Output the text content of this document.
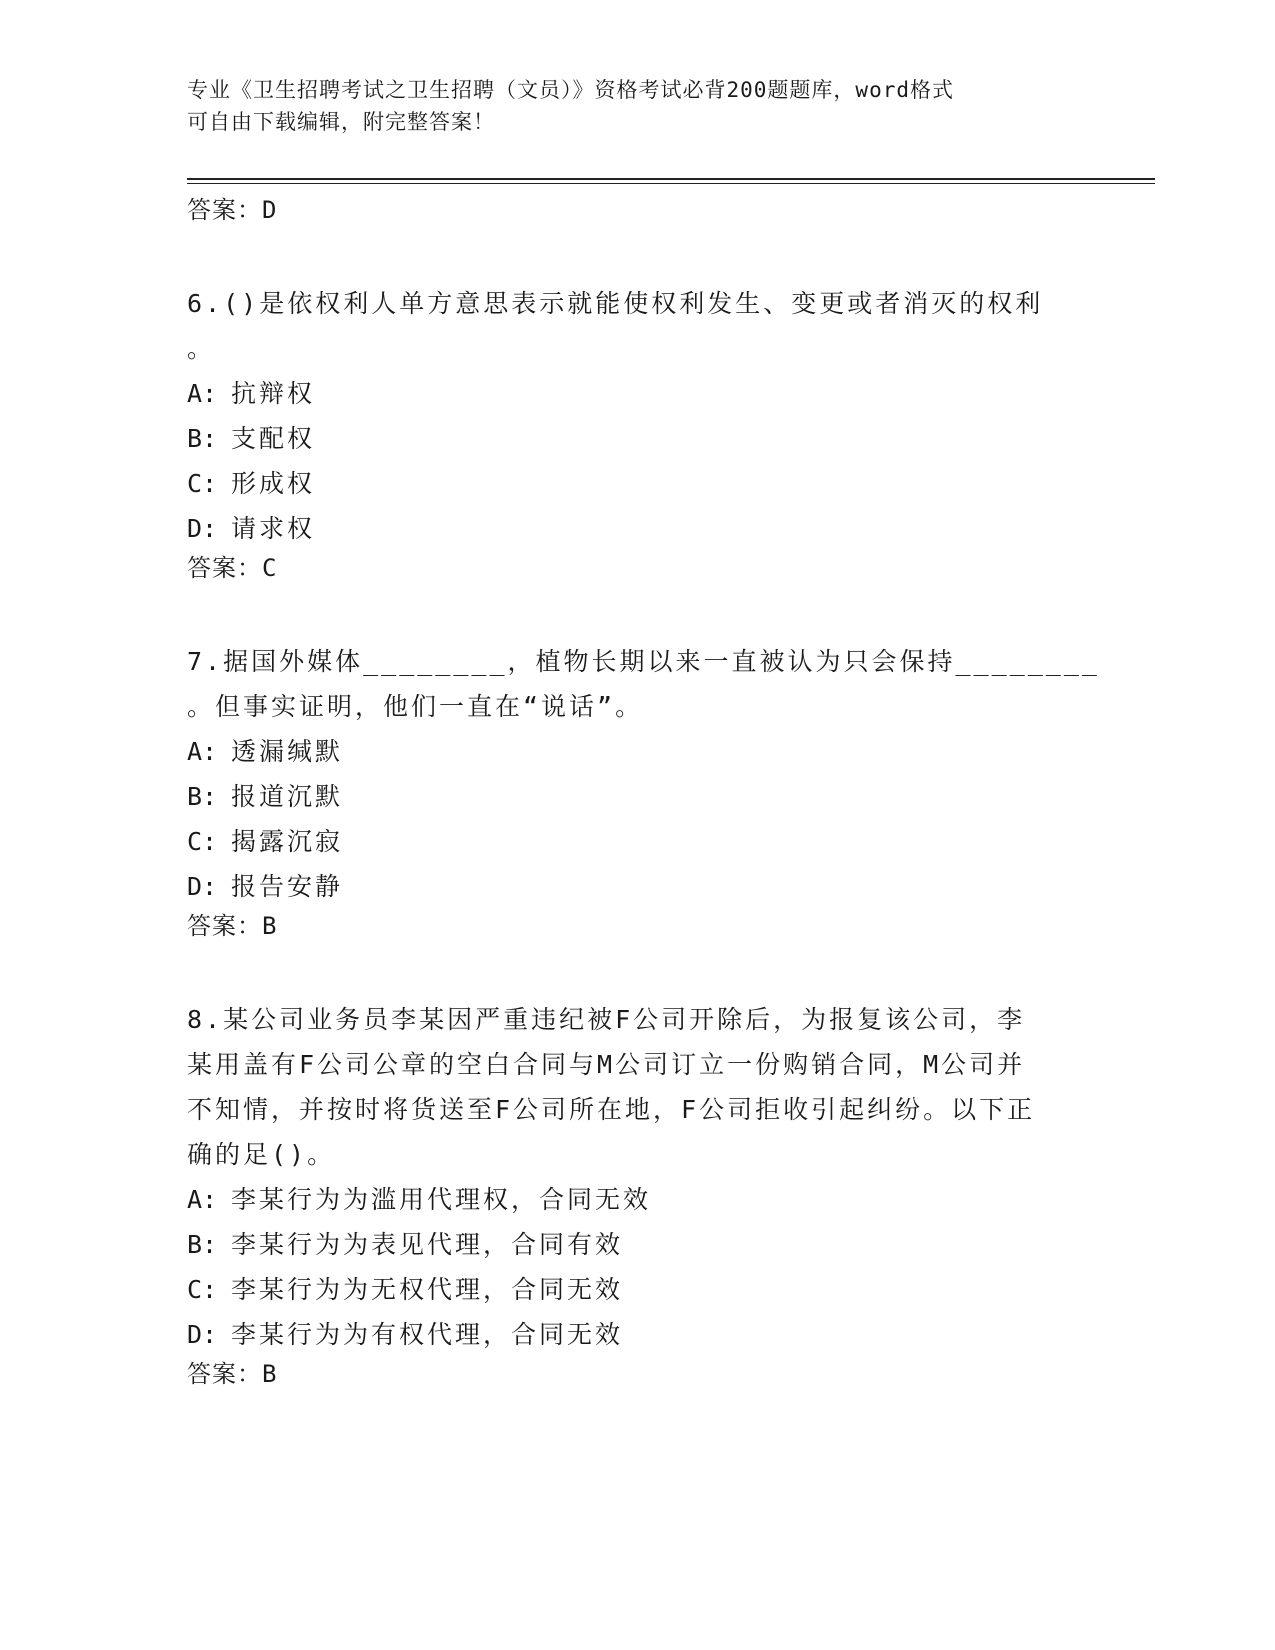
专业《卫生招聘考试之卫生招聘（文员）》资格考试必背200题题库，word格式
可自由下载编辑，附完整答案！
答案：D
6.()是依权利人单方意思表示就能使权利发生、变更或者消灭的权利
。
A: 抗辩权
B: 支配权
C: 形成权
D: 请求权
答案：C
7.据国外媒体________，植物长期以来一直被认为只会保持________
。但事实证明，他们一直在“说话”。
A: 透漏缄默
B: 报道沉默
C: 揭露沉寂
D: 报告安静
答案：B
8.某公司业务员李某因严重违纪被F公司开除后，为报复该公司，李
某用盖有F公司公章的空白合同与M公司订立一份购销合同，M公司并
不知情，并按时将货送至F公司所在地，F公司拒收引起纠纷。以下正
确的足()。
A: 李某行为为滥用代理权，合同无效
B: 李某行为为表见代理，合同有效
C: 李某行为为无权代理，合同无效
D: 李某行为为有权代理，合同无效
答案：B
